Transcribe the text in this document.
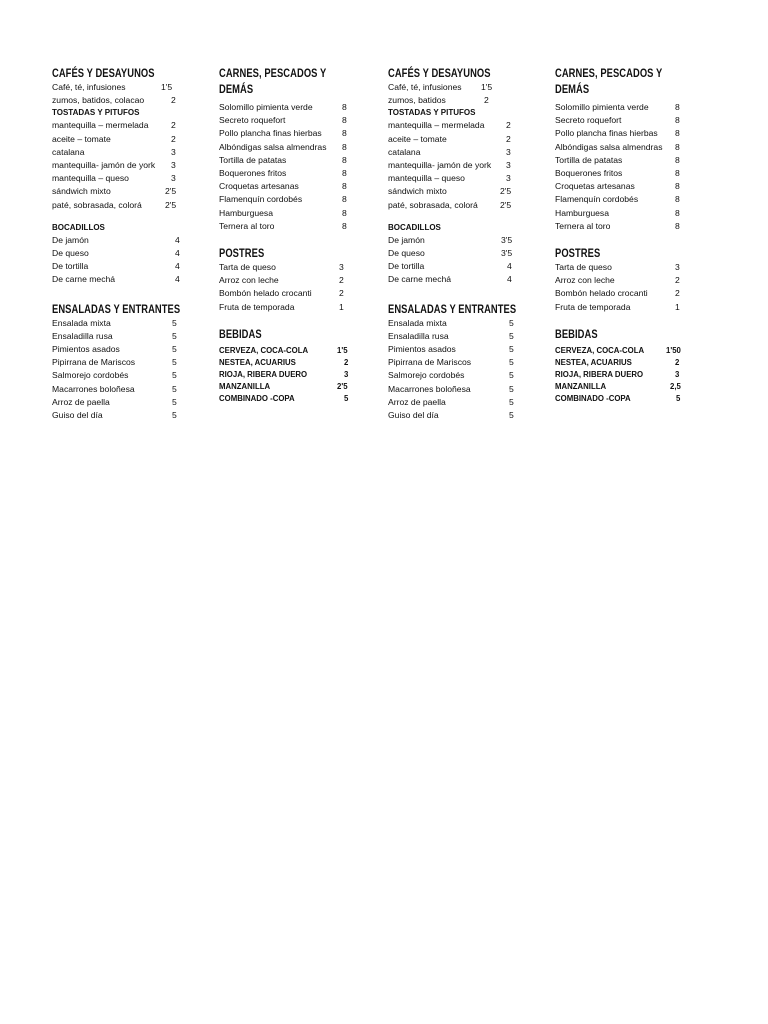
CAFÉS Y DESAYUNOS
Café, té, infusiones	1'5
zumos, batidos, colacao	2
TOSTADAS Y PITUFOS
mantequilla – mermelada	2
aceite – tomate	2
catalana	3
mantequilla- jamón de york 3
mantequilla – queso	3
sándwich mixto	2'5
paté, sobrasada, colorá	2'5
BOCADILLOS
De jamón	4
De queso	4
De tortilla	4
De carne mechá	4
ENSALADAS Y ENTRANTES
Ensalada mixta	5
Ensaladilla rusa	5
Pimientos asados	5
Pipirrana de Mariscos	5
Salmorejo cordobés	5
Macarrones boloñesa	5
Arroz de paella	5
Guiso del día	5
CARNES, PESCADOS Y DEMÁS
Solomillo pimienta verde	8
Secreto roquefort	8
Pollo plancha finas hierbas 8
Albóndigas salsa almendras 8
Tortilla de patatas	8
Boquerones fritos	8
Croquetas artesanas	8
Flamenquín cordobés	8
Hamburguesa	8
Ternera al toro	8
POSTRES
Tarta de queso	3
Arroz con leche	2
Bombón helado crocanti	2
Fruta de temporada	1
BEBIDAS
CERVEZA, COCA-COLA	1'5
NESTEA, ACUARIUS	2
RIOJA, RIBERA DUERO	3
MANZANILLA	2'5
COMBINADO -COPA	5
CAFÉS Y DESAYUNOS
Café, té, infusiones 1'5
zumos, batidos	2
TOSTADAS Y PITUFOS
mantequilla – mermelada	2
aceite – tomate	2
catalana	3
mantequilla- jamón de york 3
mantequilla – queso	3
sándwich mixto	2'5
paté, sobrasada, colorá	2'5
BOCADILLOS
De jamón	3'5
De queso	3'5
De tortilla	4
De carne mechá	4
ENSALADAS Y ENTRANTES
Ensalada mixta	5
Ensaladilla rusa	5
Pimientos asados	5
Pipirrana de Mariscos	5
Salmorejo cordobés	5
Macarrones boloñesa	5
Arroz de paella	5
Guiso del día	5
CARNES, PESCADOS Y DEMÁS
Solomillo pimienta verde	8
Secreto roquefort	8
Pollo plancha finas hierbas 8
Albóndigas salsa almendras 8
Tortilla de patatas	8
Boquerones fritos	8
Croquetas artesanas	8
Flamenquín cordobés	8
Hamburguesa	8
Ternera al toro	8
POSTRES
Tarta de queso	3
Arroz con leche	2
Bombón helado crocanti	2
Fruta de temporada	1
BEBIDAS
CERVEZA, COCA-COLA	1'50
NESTEA, ACUARIUS	2
RIOJA, RIBERA DUERO	3
MANZANILLA	2,5
COMBINADO -COPA	5
